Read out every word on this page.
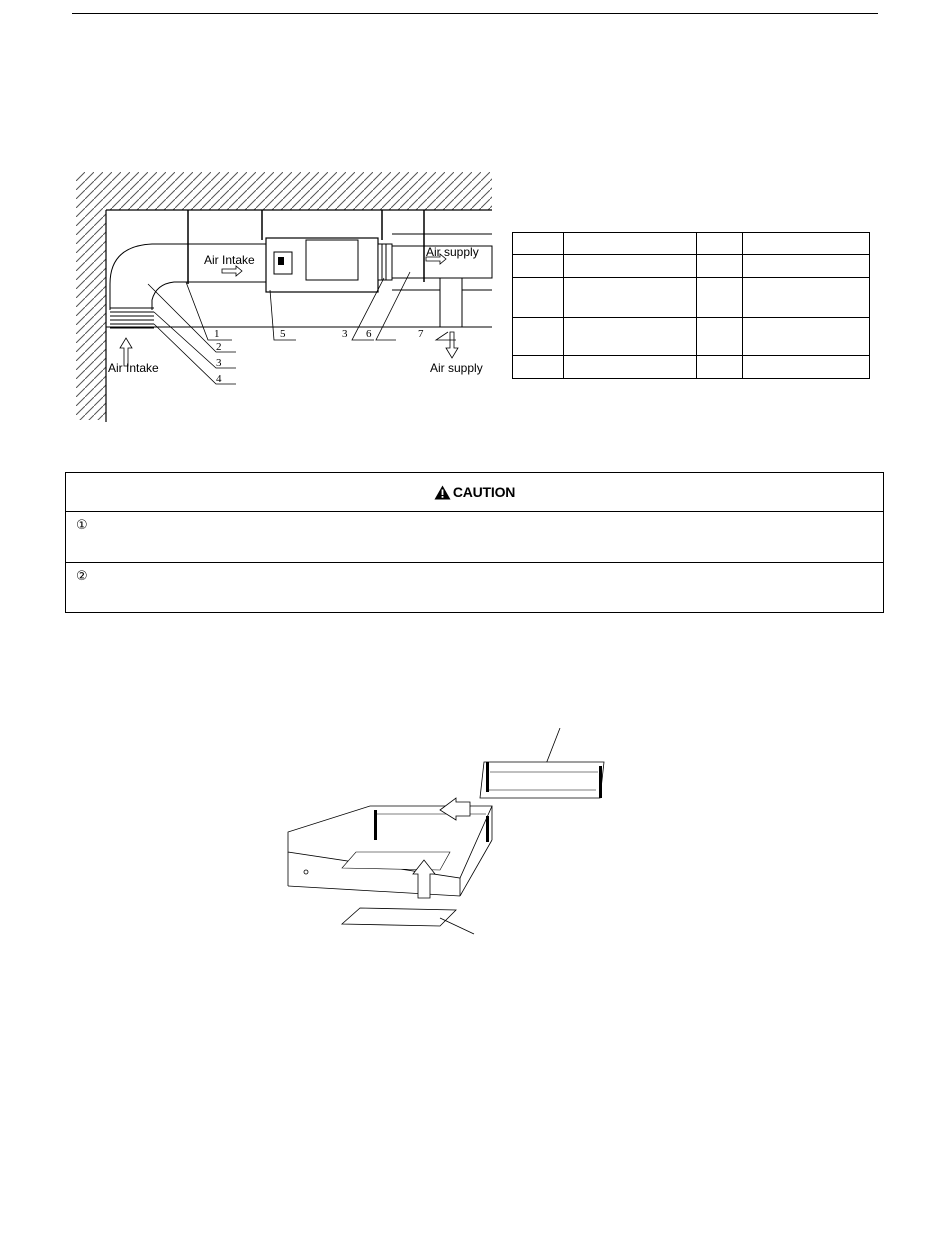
Air Intake
Air supply
Air Intake	Air supply
1	5	3 6	7
2
3
4

CAUTION
①
②
